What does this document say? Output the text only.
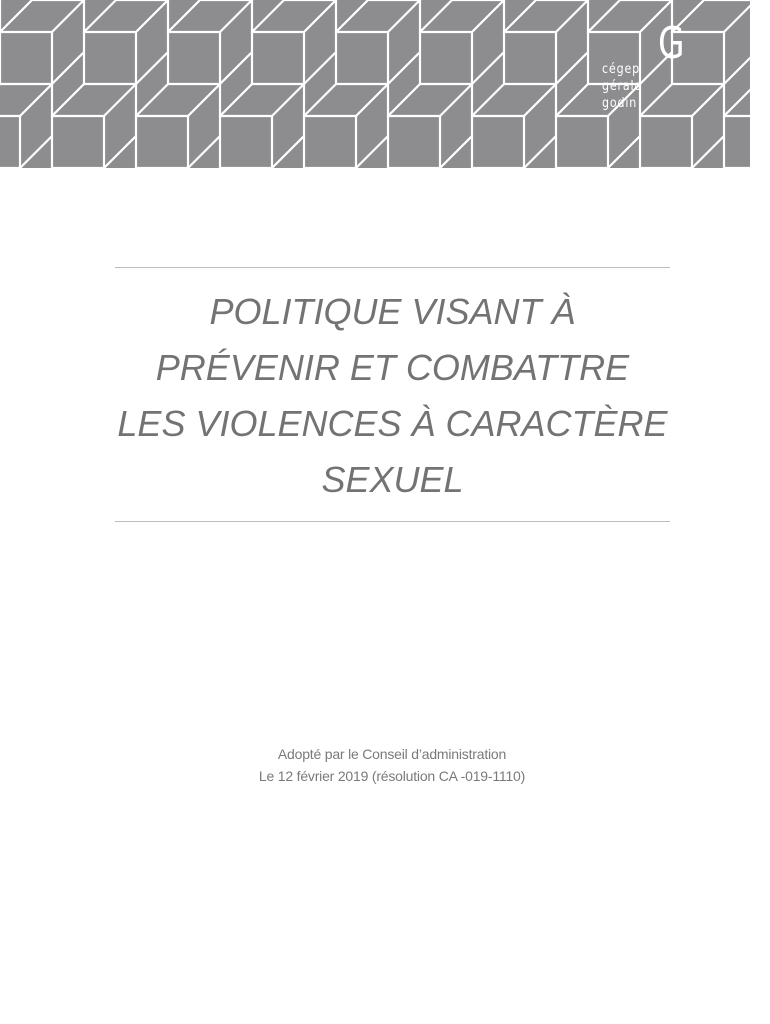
G
cégep
gérald
godin
POLITIQUE VISANT À
PRÉVENIR ET COMBATTRE
LES VIOLENCES À CARACTÈRE
SEXUEL
Adopté par le Conseil d’administration
Le 12 février 2019 (résolution CA -019-1110)
